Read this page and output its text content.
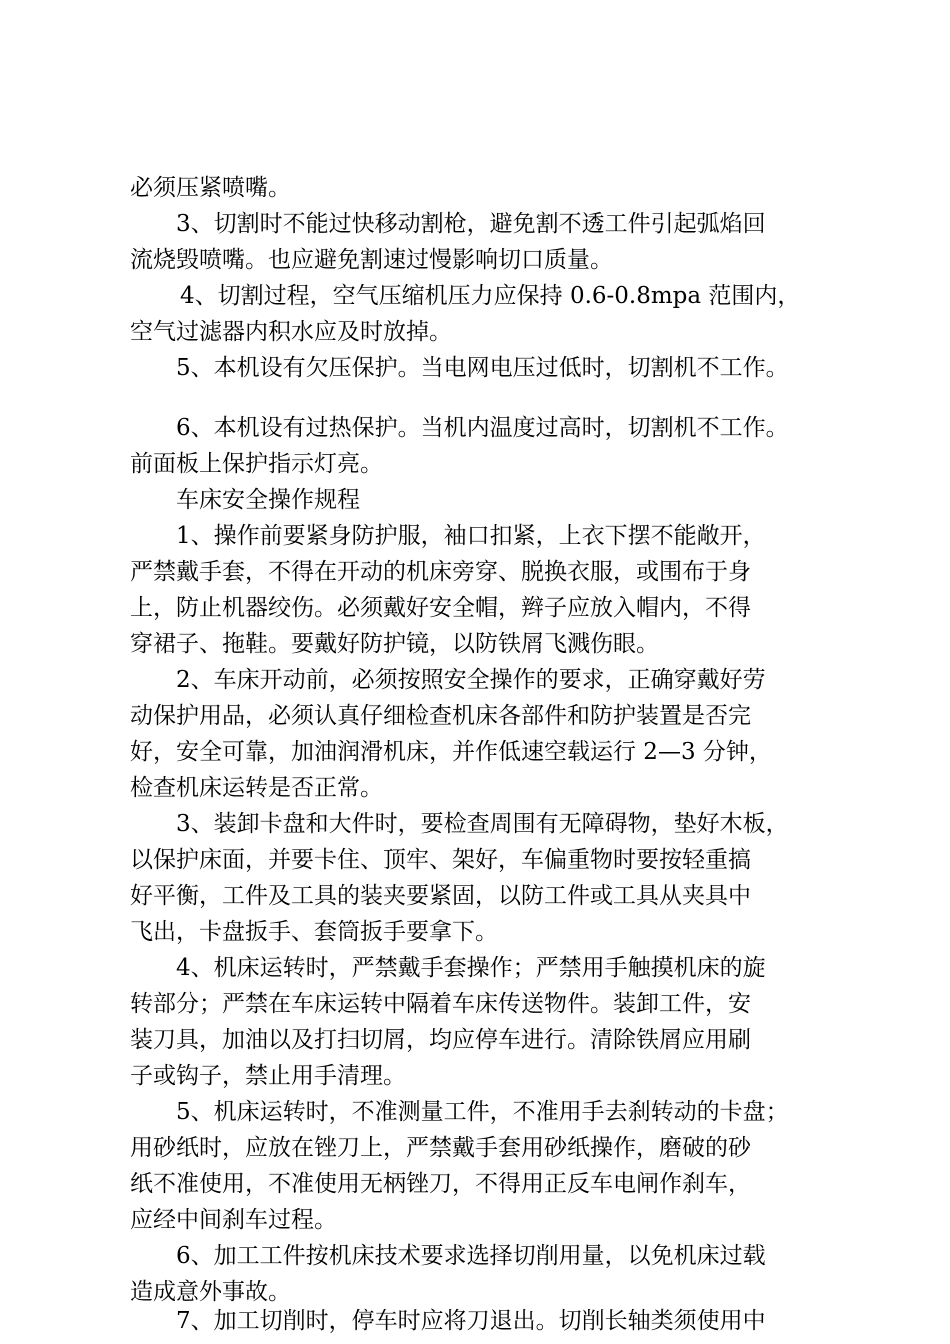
必须压紧喷嘴。
3、切割时不能过快移动割枪，避免割不透工件引起弧焰回
流烧毁喷嘴。也应避免割速过慢影响切口质量。
4、切割过程，空气压缩机压力应保持 0.6-0.8mpa 范围内，
空气过滤器内积水应及时放掉。
5、本机设有欠压保护。当电网电压过低时，切割机不工作。
6、本机设有过热保护。当机内温度过高时，切割机不工作。
前面板上保护指示灯亮。
车床安全操作规程
1、操作前要紧身防护服，袖口扣紧，上衣下摆不能敞开，
严禁戴手套，不得在开动的机床旁穿、脱换衣服，或围布于身
上，防止机器绞伤。必须戴好安全帽，辫子应放入帽内，不得
穿裙子、拖鞋。要戴好防护镜，以防铁屑飞溅伤眼。
2、车床开动前，必须按照安全操作的要求，正确穿戴好劳
动保护用品，必须认真仔细检查机床各部件和防护装置是否完
好，安全可靠，加油润滑机床，并作低速空载运行 2—3 分钟，
检查机床运转是否正常。
3、装卸卡盘和大件时，要检查周围有无障碍物，垫好木板，
以保护床面，并要卡住、顶牢、架好，车偏重物时要按轻重搞
好平衡，工件及工具的装夹要紧固，以防工件或工具从夹具中
飞出，卡盘扳手、套筒扳手要拿下。
4、机床运转时，严禁戴手套操作；严禁用手触摸机床的旋
转部分；严禁在车床运转中隔着车床传送物件。装卸工件，安
装刀具，加油以及打扫切屑，均应停车进行。清除铁屑应用刷
子或钩子，禁止用手清理。
5、机床运转时，不准测量工件，不准用手去刹转动的卡盘；
用砂纸时，应放在锉刀上，严禁戴手套用砂纸操作，磨破的砂
纸不准使用，不准使用无柄锉刀，不得用正反车电闸作刹车，
应经中间刹车过程。
6、加工工件按机床技术要求选择切削用量，以免机床过载
造成意外事故。
7、加工切削时，停车时应将刀退出。切削长轴类须使用中
